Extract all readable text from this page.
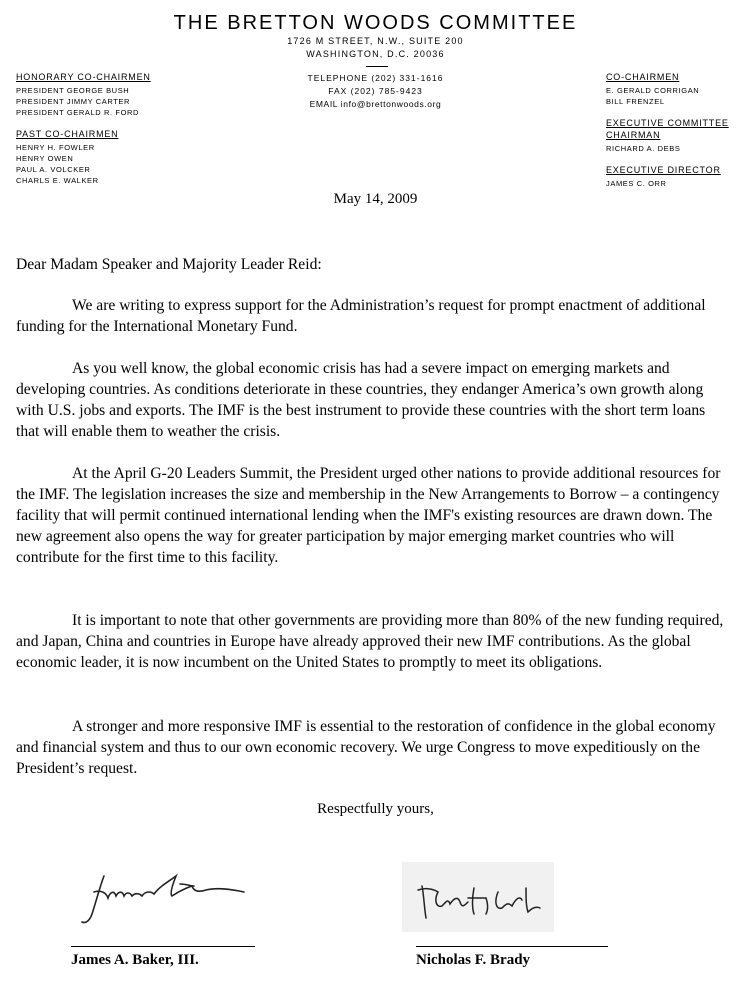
THE BRETTON WOODS COMMITTEE
1726 M STREET, N.W., SUITE 200
WASHINGTON, D.C. 20036
HONORARY CO-CHAIRMEN
PRESIDENT GEORGE BUSH
PRESIDENT JIMMY CARTER
PRESIDENT GERALD R. FORD
PAST CO-CHAIRMEN
HENRY H. FOWLER
HENRY OWEN
PAUL A. VOLCKER
CHARLS E. WALKER
TELEPHONE (202) 331-1616
FAX (202) 785-9423
EMAIL info@brettonwoods.org
CO-CHAIRMEN
E. GERALD CORRIGAN
BILL FRENZEL
EXECUTIVE COMMITTEE
CHAIRMAN
RICHARD A. DEBS
EXECUTIVE DIRECTOR
JAMES C. ORR
May 14, 2009
Dear Madam Speaker and Majority Leader Reid:

We are writing to express support for the Administration’s request for prompt enactment of additional funding for the International Monetary Fund.

As you well know, the global economic crisis has had a severe impact on emerging markets and developing countries. As conditions deteriorate in these countries, they endanger America’s own growth along with U.S. jobs and exports. The IMF is the best instrument to provide these countries with the short term loans that will enable them to weather the crisis.

At the April G-20 Leaders Summit, the President urged other nations to provide additional resources for the IMF. The legislation increases the size and membership in the New Arrangements to Borrow – a contingency facility that will permit continued international lending when the IMF's existing resources are drawn down. The new agreement also opens the way for greater participation by major emerging market countries who will contribute for the first time to this facility.

It is important to note that other governments are providing more than 80% of the new funding required, and Japan, China and countries in Europe have already approved their new IMF contributions. As the global economic leader, it is now incumbent on the United States to promptly to meet its obligations.

A stronger and more responsive IMF is essential to the restoration of confidence in the global economy and financial system and thus to our own economic recovery. We urge Congress to move expeditiously on the President’s request.

Respectfully yours,
James A. Baker, III.	Nicholas F. Brady
